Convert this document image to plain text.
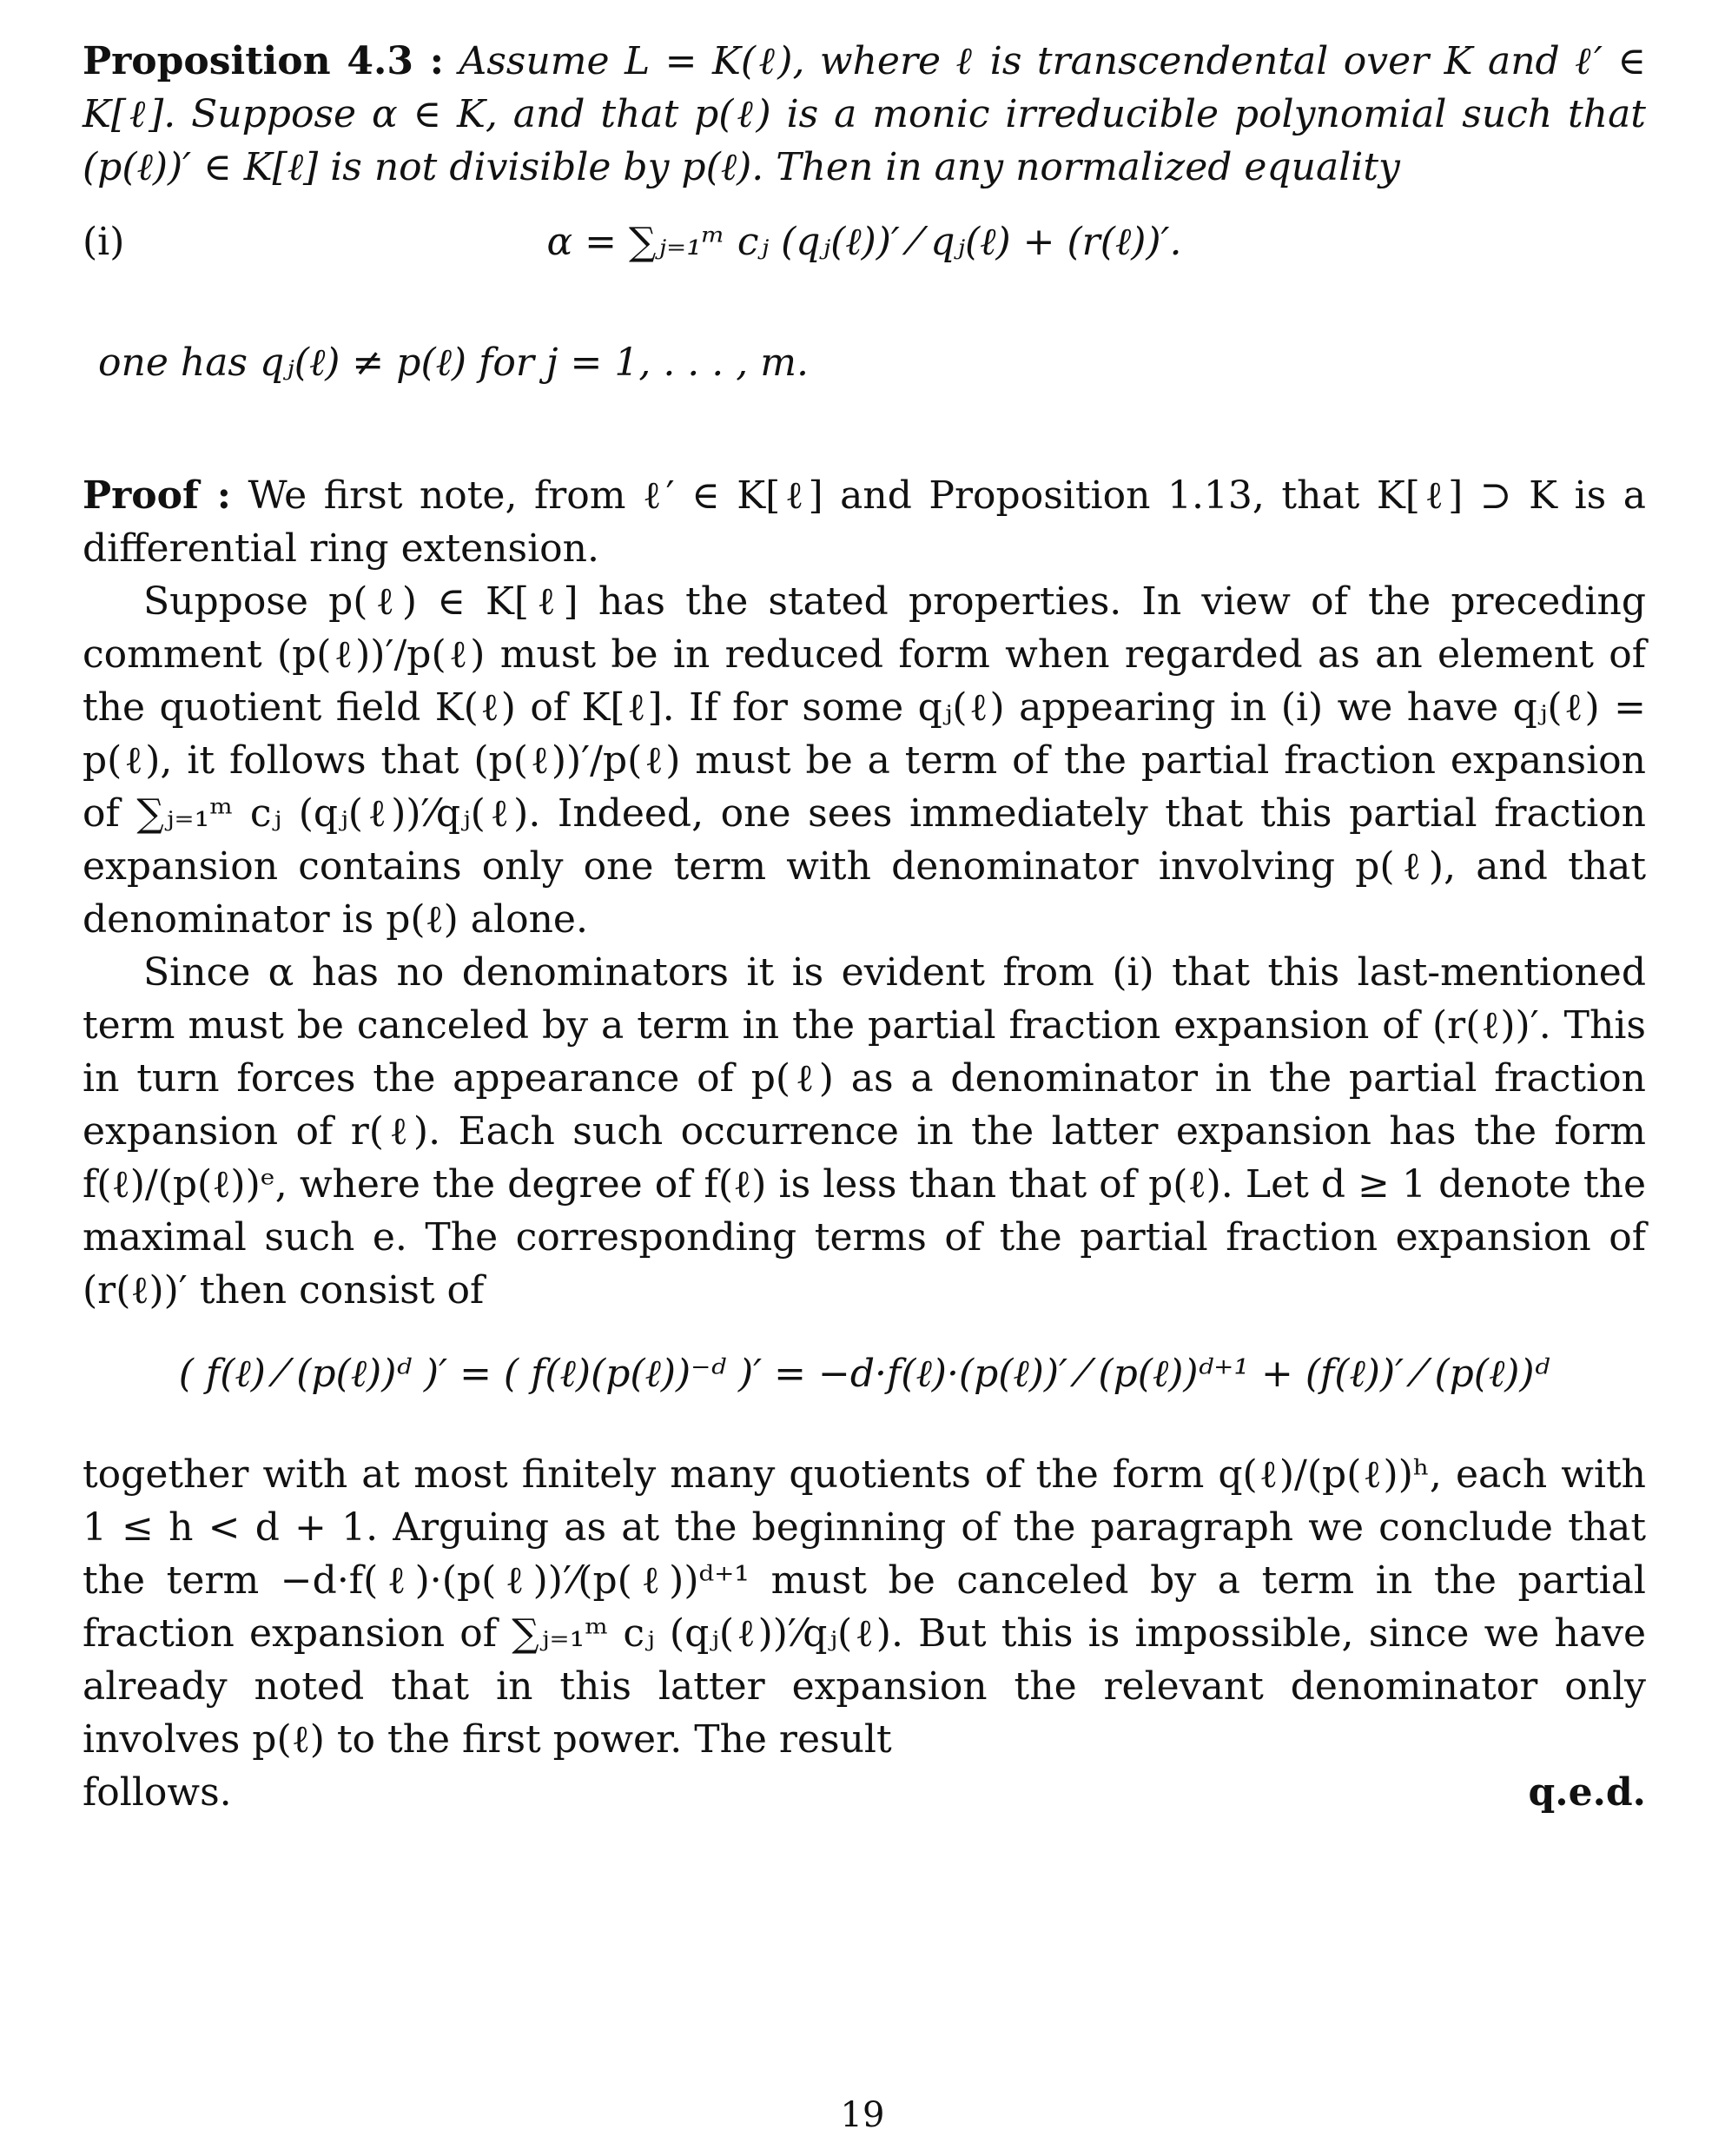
Proposition 4.3 : Assume L = K(ℓ), where ℓ is transcendental over K and ℓ′ ∈ K[ℓ]. Suppose α ∈ K, and that p(ℓ) is a monic irreducible polynomial such that (p(ℓ))′ ∈ K[ℓ] is not divisible by p(ℓ). Then in any normalized equality

(i)	α = ∑ⱼ₌₁ᵐ cⱼ (qⱼ(ℓ))′ ⁄ qⱼ(ℓ) + (r(ℓ))′.

one has qⱼ(ℓ) ≠ p(ℓ) for j = 1, . . . , m.

Proof : We first note, from ℓ′ ∈ K[ℓ] and Proposition 1.13, that K[ℓ] ⊃ K is a differential ring extension.

Suppose p(ℓ) ∈ K[ℓ] has the stated properties. In view of the preceding comment (p(ℓ))′/p(ℓ) must be in reduced form when regarded as an element of the quotient field K(ℓ) of K[ℓ]. If for some qⱼ(ℓ) appearing in (i) we have qⱼ(ℓ) = p(ℓ), it follows that (p(ℓ))′/p(ℓ) must be a term of the partial fraction expansion of ∑ⱼ₌₁ᵐ cⱼ (qⱼ(ℓ))′⁄qⱼ(ℓ). Indeed, one sees immediately that this partial fraction expansion contains only one term with denominator involving p(ℓ), and that denominator is p(ℓ) alone.

Since α has no denominators it is evident from (i) that this last-mentioned term must be canceled by a term in the partial fraction expansion of (r(ℓ))′. This in turn forces the appearance of p(ℓ) as a denominator in the partial fraction expansion of r(ℓ). Each such occurrence in the latter expansion has the form f(ℓ)/(p(ℓ))ᵉ, where the degree of f(ℓ) is less than that of p(ℓ). Let d ≥ 1 denote the maximal such e. The corresponding terms of the partial fraction expansion of (r(ℓ))′ then consist of

( f(ℓ) ⁄ (p(ℓ))ᵈ )′ = ( f(ℓ)(p(ℓ))⁻ᵈ )′ = −d·f(ℓ)·(p(ℓ))′ ⁄ (p(ℓ))ᵈ⁺¹ + (f(ℓ))′ ⁄ (p(ℓ))ᵈ

together with at most finitely many quotients of the form q(ℓ)/(p(ℓ))ʰ, each with 1 ≤ h < d + 1. Arguing as at the beginning of the paragraph we conclude that the term −d·f(ℓ)·(p(ℓ))′⁄(p(ℓ))ᵈ⁺¹ must be canceled by a term in the partial fraction expansion of ∑ⱼ₌₁ᵐ cⱼ (qⱼ(ℓ))′⁄qⱼ(ℓ). But this is impossible, since we have already noted that in this latter expansion the relevant denominator only involves p(ℓ) to the first power. The result

follows.	q.e.d.
19
